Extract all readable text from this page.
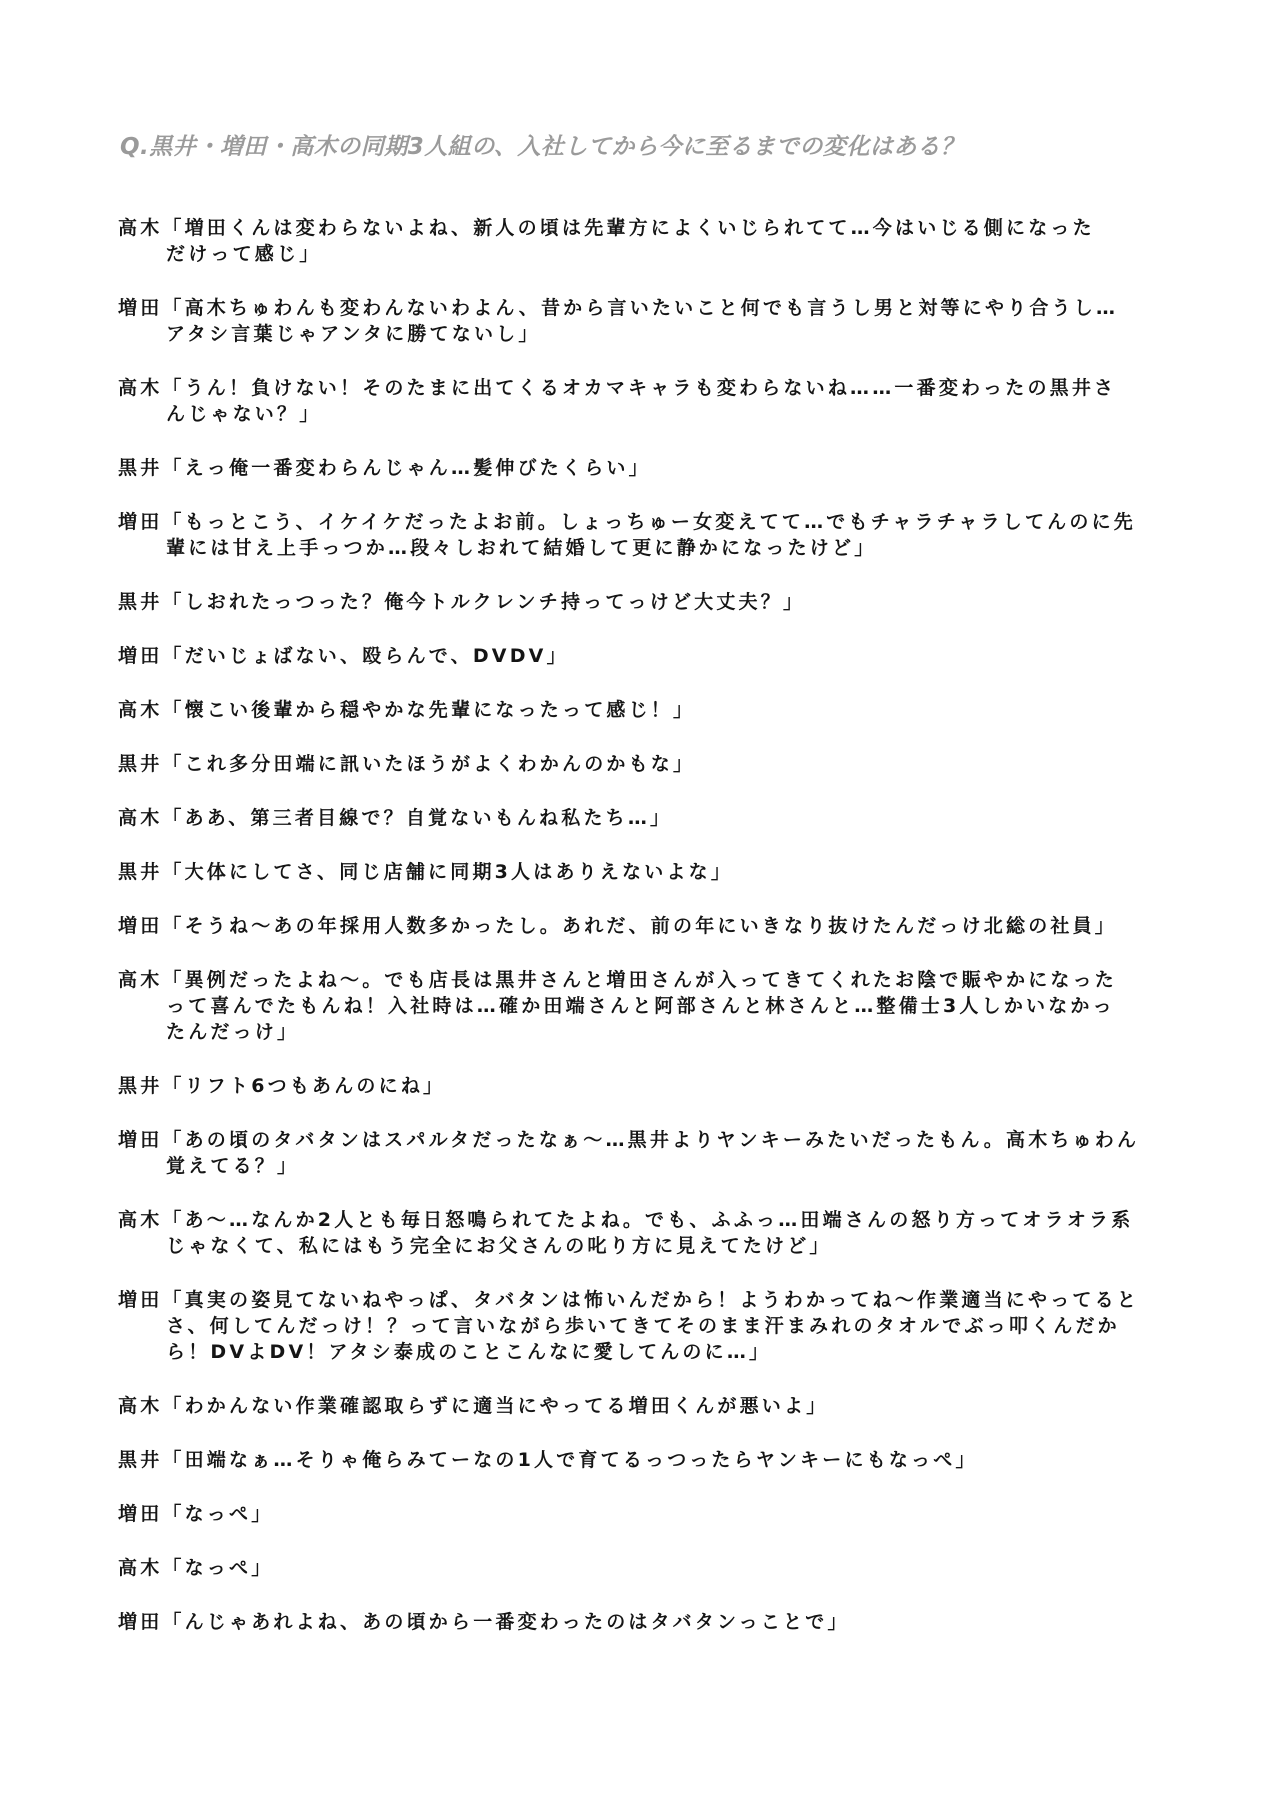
Q.黒井・増田・高木の同期3人組の、入社してから今に至るまでの変化はある？
高木「増田くんは変わらないよね、新人の頃は先輩方によくいじられてて…今はいじる側になった
だけって感じ」
増田「高木ちゅわんも変わんないわよん、昔から言いたいこと何でも言うし男と対等にやり合うし…
アタシ言葉じゃアンタに勝てないし」
高木「うん！負けない！そのたまに出てくるオカマキャラも変わらないね……一番変わったの黒井さ
んじゃない？」
黒井「えっ俺一番変わらんじゃん…髪伸びたくらい」
増田「もっとこう、イケイケだったよお前。しょっちゅー女変えてて…でもチャラチャラしてんのに先
輩には甘え上手っつか…段々しおれて結婚して更に静かになったけど」
黒井「しおれたっつった？俺今トルクレンチ持ってっけど大丈夫？」
増田「だいじょばない、殴らんで、DVDV」
高木「懐こい後輩から穏やかな先輩になったって感じ！」
黒井「これ多分田端に訊いたほうがよくわかんのかもな」
高木「ああ、第三者目線で？自覚ないもんね私たち…」
黒井「大体にしてさ、同じ店舗に同期3人はありえないよな」
増田「そうね～あの年採用人数多かったし。あれだ、前の年にいきなり抜けたんだっけ北総の社員」
高木「異例だったよね～。でも店長は黒井さんと増田さんが入ってきてくれたお陰で賑やかになった
って喜んでたもんね！入社時は…確か田端さんと阿部さんと林さんと…整備士3人しかいなかっ
たんだっけ」
黒井「リフト6つもあんのにね」
増田「あの頃のタバタンはスパルタだったなぁ～…黒井よりヤンキーみたいだったもん。高木ちゅわん
覚えてる？」
高木「あ～…なんか2人とも毎日怒鳴られてたよね。でも、ふふっ…田端さんの怒り方ってオラオラ系
じゃなくて、私にはもう完全にお父さんの叱り方に見えてたけど」
増田「真実の姿見てないねやっぱ、タバタンは怖いんだから！ようわかってね～作業適当にやってると
さ、何してんだっけ！？って言いながら歩いてきてそのまま汗まみれのタオルでぶっ叩くんだか
ら！DVよDV！アタシ泰成のことこんなに愛してんのに…」
高木「わかんない作業確認取らずに適当にやってる増田くんが悪いよ」
黒井「田端なぁ…そりゃ俺らみてーなの1人で育てるっつったらヤンキーにもなっぺ」
増田「なっぺ」
高木「なっぺ」
増田「んじゃあれよね、あの頃から一番変わったのはタバタンっことで」
